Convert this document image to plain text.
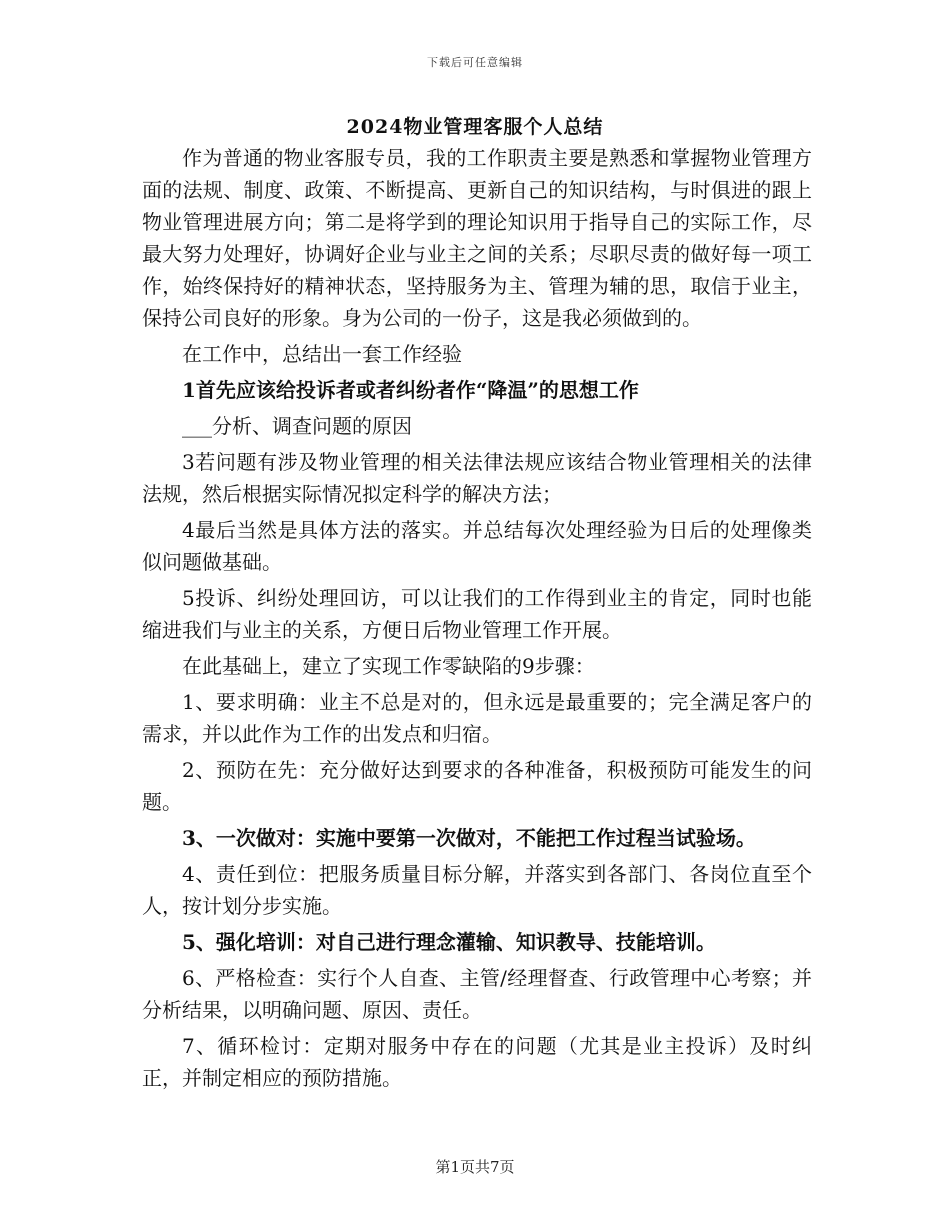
下载后可任意编辑
2024物业管理客服个人总结

作为普通的物业客服专员，我的工作职责主要是熟悉和掌握物业管理方面的法规、制度、政策、不断提高、更新自己的知识结构，与时俱进的跟上物业管理进展方向；第二是将学到的理论知识用于指导自己的实际工作，尽最大努力处理好，协调好企业与业主之间的关系；尽职尽责的做好每一项工作，始终保持好的精神状态，坚持服务为主、管理为辅的思，取信于业主，保持公司良好的形象。身为公司的一份子，这是我必须做到的。

在工作中，总结出一套工作经验

1首先应该给投诉者或者纠纷者作“降温”的思想工作

___分析、调查问题的原因

3若问题有涉及物业管理的相关法律法规应该结合物业管理相关的法律法规，然后根据实际情况拟定科学的解决方法；

4最后当然是具体方法的落实。并总结每次处理经验为日后的处理像类似问题做基础。

5投诉、纠纷处理回访，可以让我们的工作得到业主的肯定，同时也能缩进我们与业主的关系，方便日后物业管理工作开展。

在此基础上，建立了实现工作零缺陷的9步骤：

1、要求明确：业主不总是对的，但永远是最重要的；完全满足客户的需求，并以此作为工作的出发点和归宿。

2、预防在先：充分做好达到要求的各种准备，积极预防可能发生的问题。

3、一次做对：实施中要第一次做对，不能把工作过程当试验场。

4、责任到位：把服务质量目标分解，并落实到各部门、各岗位直至个人，按计划分步实施。

5、强化培训：对自己进行理念灌输、知识教导、技能培训。

6、严格检查：实行个人自查、主管/经理督查、行政管理中心考察；并分析结果，以明确问题、原因、责任。

7、循环检讨：定期对服务中存在的问题（尤其是业主投诉）及时纠正，并制定相应的预防措施。

第1页共7页
